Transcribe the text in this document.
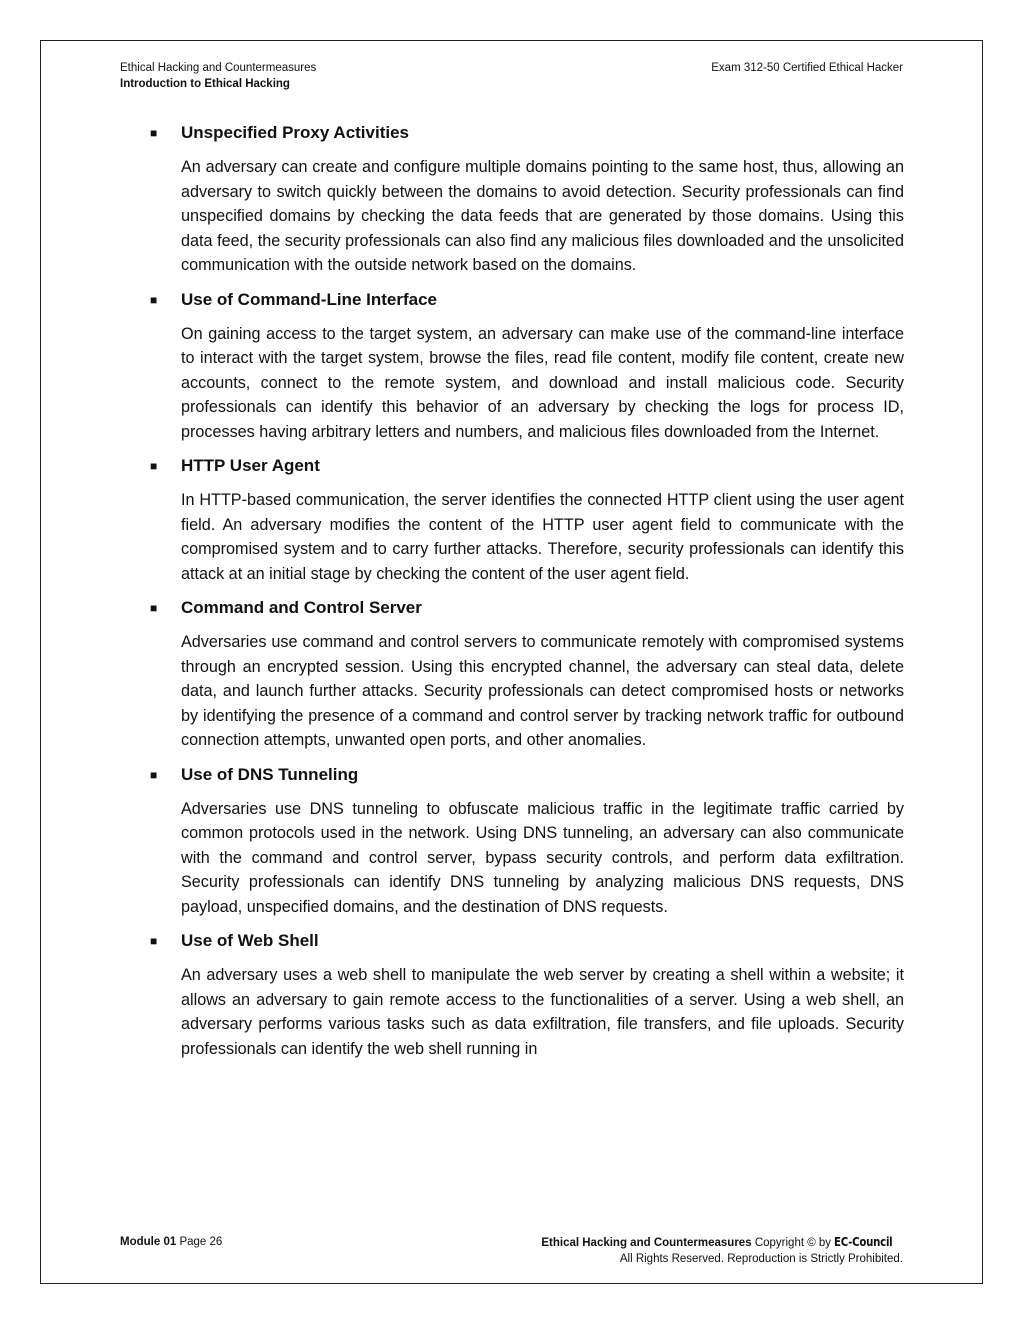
Ethical Hacking and Countermeasures
Introduction to Ethical Hacking
Exam 312-50 Certified Ethical Hacker
■ Unspecified Proxy Activities

An adversary can create and configure multiple domains pointing to the same host, thus, allowing an adversary to switch quickly between the domains to avoid detection. Security professionals can find unspecified domains by checking the data feeds that are generated by those domains. Using this data feed, the security professionals can also find any malicious files downloaded and the unsolicited communication with the outside network based on the domains.

■ Use of Command-Line Interface

On gaining access to the target system, an adversary can make use of the command-line interface to interact with the target system, browse the files, read file content, modify file content, create new accounts, connect to the remote system, and download and install malicious code. Security professionals can identify this behavior of an adversary by checking the logs for process ID, processes having arbitrary letters and numbers, and malicious files downloaded from the Internet.

■ HTTP User Agent

In HTTP-based communication, the server identifies the connected HTTP client using the user agent field. An adversary modifies the content of the HTTP user agent field to communicate with the compromised system and to carry further attacks. Therefore, security professionals can identify this attack at an initial stage by checking the content of the user agent field.

■ Command and Control Server

Adversaries use command and control servers to communicate remotely with compromised systems through an encrypted session. Using this encrypted channel, the adversary can steal data, delete data, and launch further attacks. Security professionals can detect compromised hosts or networks by identifying the presence of a command and control server by tracking network traffic for outbound connection attempts, unwanted open ports, and other anomalies.

■ Use of DNS Tunneling

Adversaries use DNS tunneling to obfuscate malicious traffic in the legitimate traffic carried by common protocols used in the network. Using DNS tunneling, an adversary can also communicate with the command and control server, bypass security controls, and perform data exfiltration. Security professionals can identify DNS tunneling by analyzing malicious DNS requests, DNS payload, unspecified domains, and the destination of DNS requests.

■ Use of Web Shell

An adversary uses a web shell to manipulate the web server by creating a shell within a website; it allows an adversary to gain remote access to the functionalities of a server. Using a web shell, an adversary performs various tasks such as data exfiltration, file transfers, and file uploads. Security professionals can identify the web shell running in

Module 01 Page 26	Ethical Hacking and Countermeasures Copyright © by EC-Council
All Rights Reserved. Reproduction is Strictly Prohibited.
